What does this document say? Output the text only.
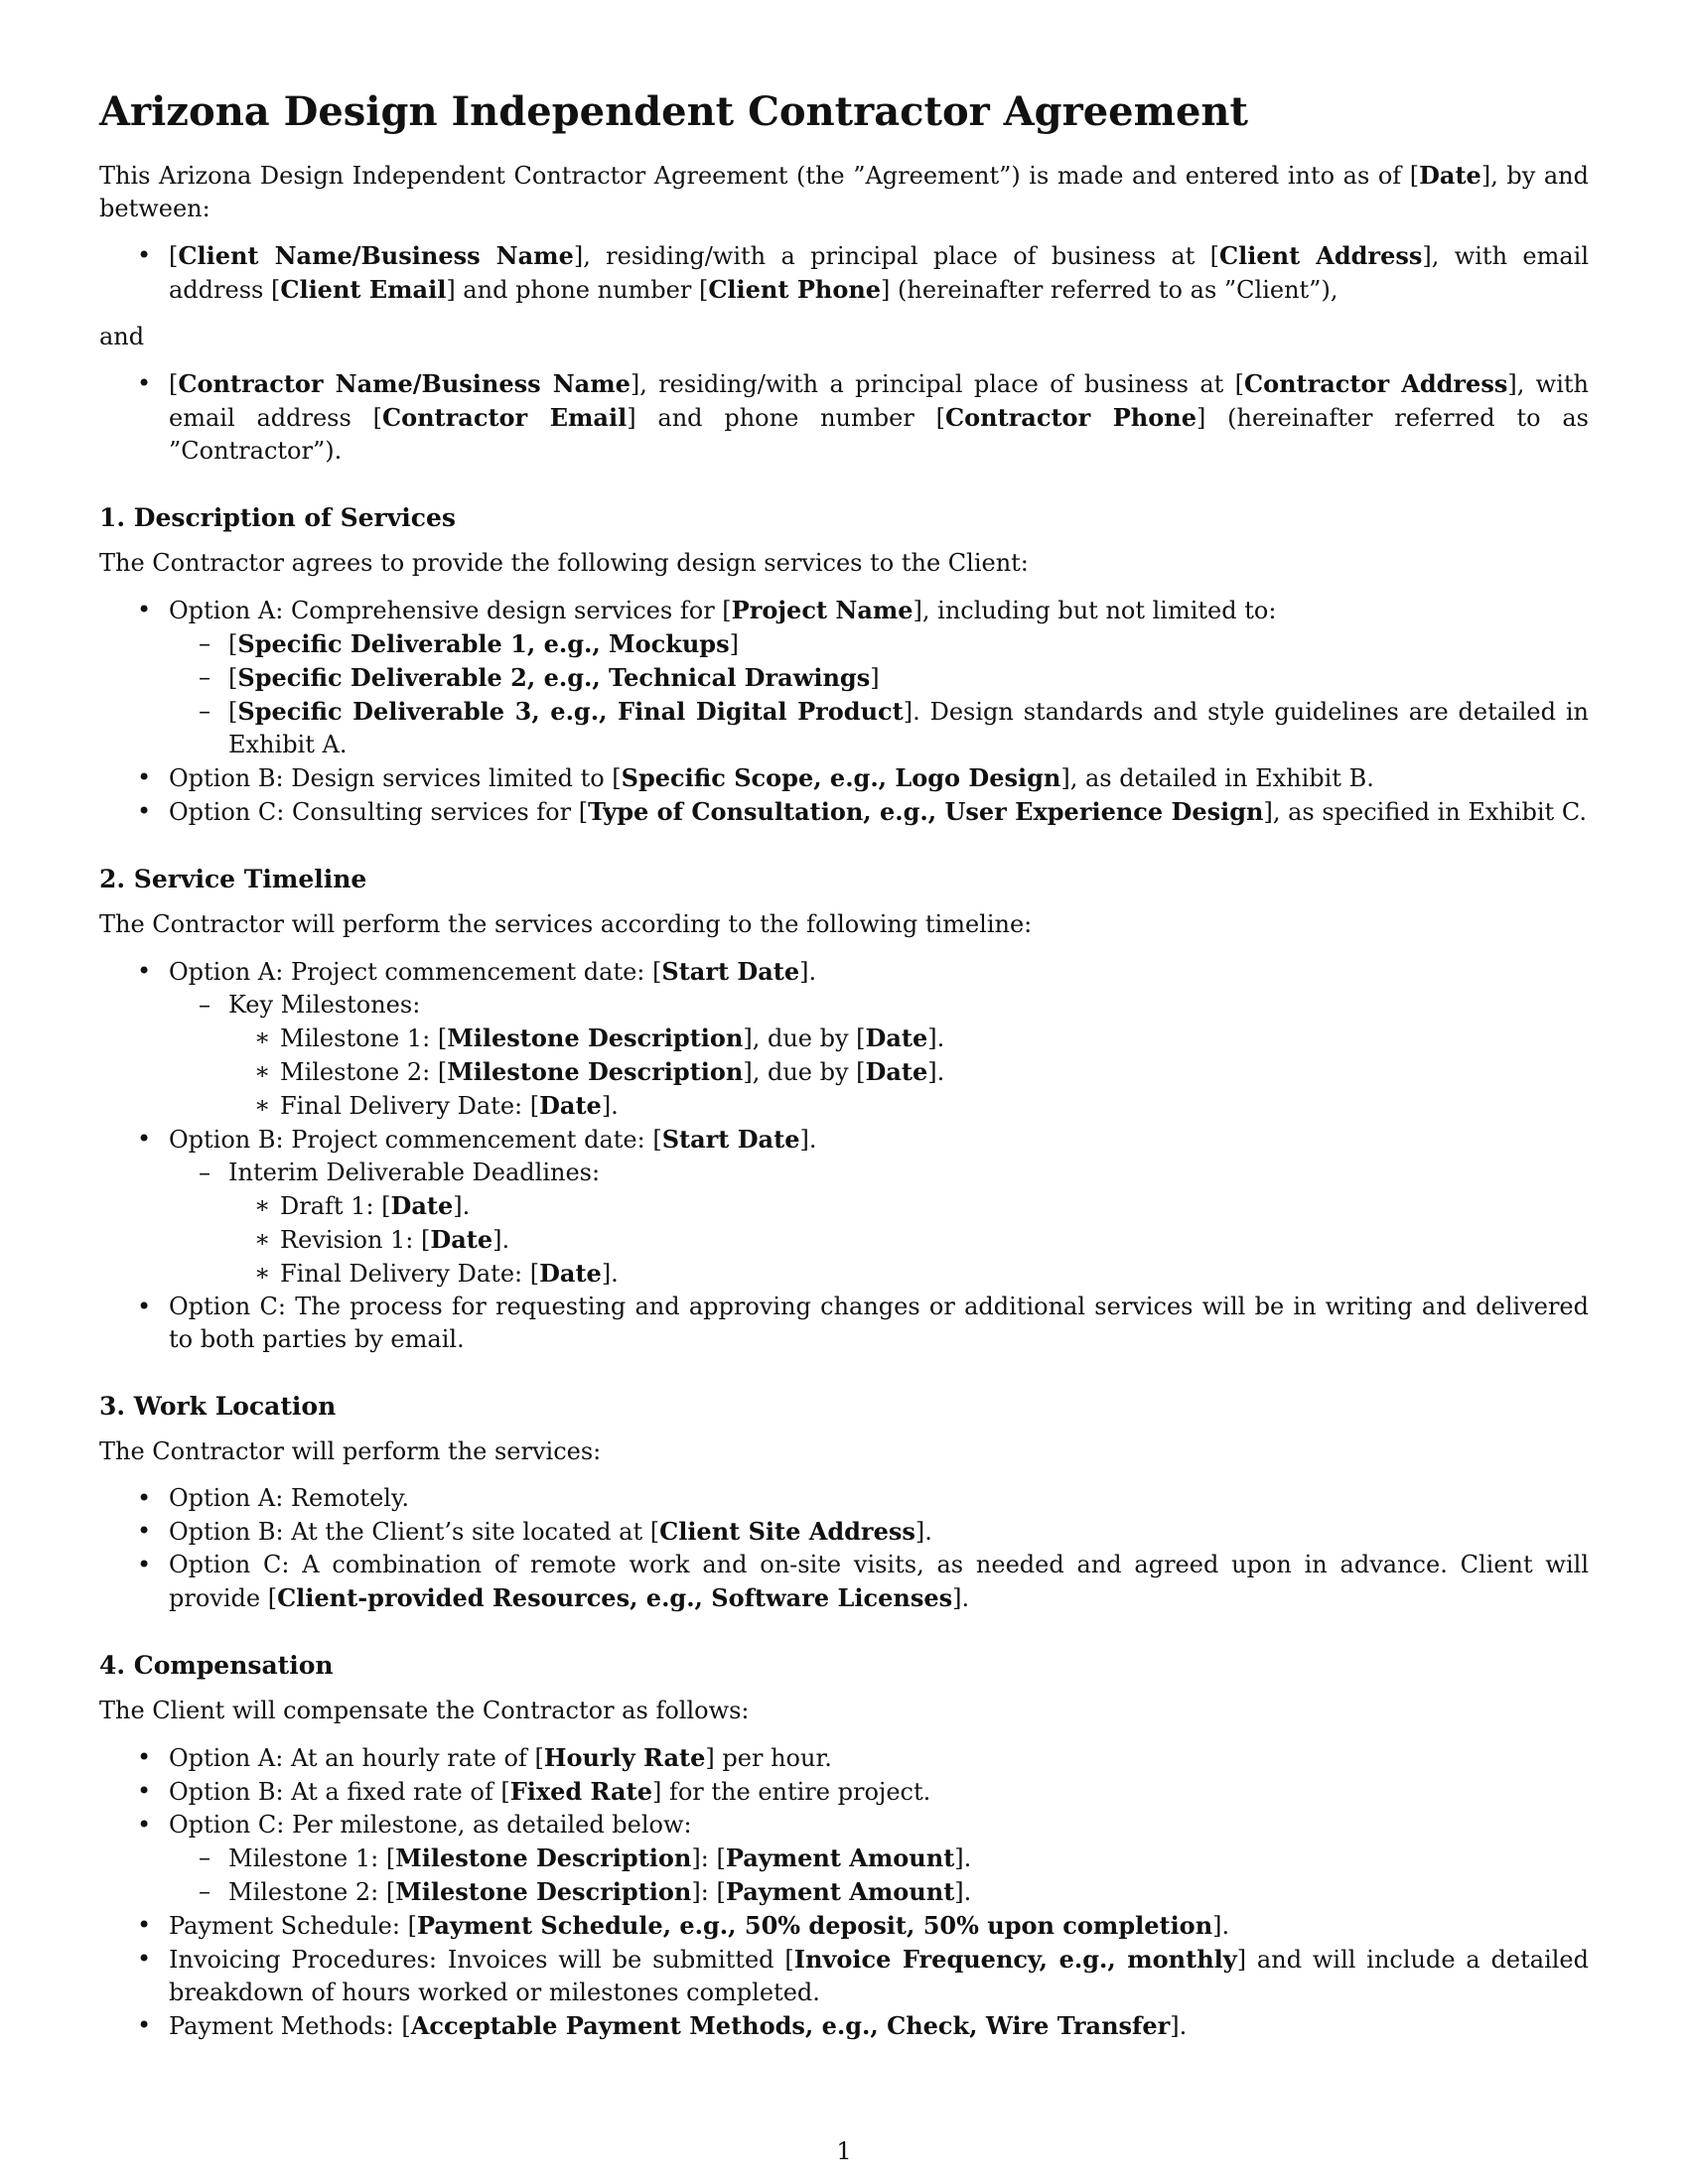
Arizona Design Independent Contractor Agreement

This Arizona Design Independent Contractor Agreement (the ”Agreement”) is made and entered into as of [Date], by and between:

• [Client Name/Business Name], residing/with a principal place of business at [Client Address], with email address [Client Email] and phone number [Client Phone] (hereinafter referred to as ”Client”),

and

• [Contractor Name/Business Name], residing/with a principal place of business at [Contractor Address], with email address [Contractor Email] and phone number [Contractor Phone] (hereinafter referred to as ”Contractor”).
1. Description of Services

The Contractor agrees to provide the following design services to the Client:

• Option A: Comprehensive design services for [Project Name], including but not limited to:
– [Specific Deliverable 1, e.g., Mockups]
– [Specific Deliverable 2, e.g., Technical Drawings]
– [Specific Deliverable 3, e.g., Final Digital Product]. Design standards and style guidelines are detailed in Exhibit A.
• Option B: Design services limited to [Specific Scope, e.g., Logo Design], as detailed in Exhibit B.
• Option C: Consulting services for [Type of Consultation, e.g., User Experience Design], as specified in Exhibit C.
2. Service Timeline

The Contractor will perform the services according to the following timeline:

• Option A: Project commencement date: [Start Date].
– Key Milestones:
∗ Milestone 1: [Milestone Description], due by [Date].
∗ Milestone 2: [Milestone Description], due by [Date].
∗ Final Delivery Date: [Date].
• Option B: Project commencement date: [Start Date].
– Interim Deliverable Deadlines:
∗ Draft 1: [Date].
∗ Revision 1: [Date].
∗ Final Delivery Date: [Date].
• Option C: The process for requesting and approving changes or additional services will be in writing and delivered to both parties by email.
3. Work Location

The Contractor will perform the services:

• Option A: Remotely.
• Option B: At the Client’s site located at [Client Site Address].
• Option C: A combination of remote work and on-site visits, as needed and agreed upon in advance. Client will provide [Client-provided Resources, e.g., Software Licenses].
4. Compensation

The Client will compensate the Contractor as follows:

• Option A: At an hourly rate of [Hourly Rate] per hour.
• Option B: At a fixed rate of [Fixed Rate] for the entire project.
• Option C: Per milestone, as detailed below:
– Milestone 1: [Milestone Description]: [Payment Amount].
– Milestone 2: [Milestone Description]: [Payment Amount].
• Payment Schedule: [Payment Schedule, e.g., 50% deposit, 50% upon completion].
• Invoicing Procedures: Invoices will be submitted [Invoice Frequency, e.g., monthly] and will include a detailed breakdown of hours worked or milestones completed.
• Payment Methods: [Acceptable Payment Methods, e.g., Check, Wire Transfer].
1
